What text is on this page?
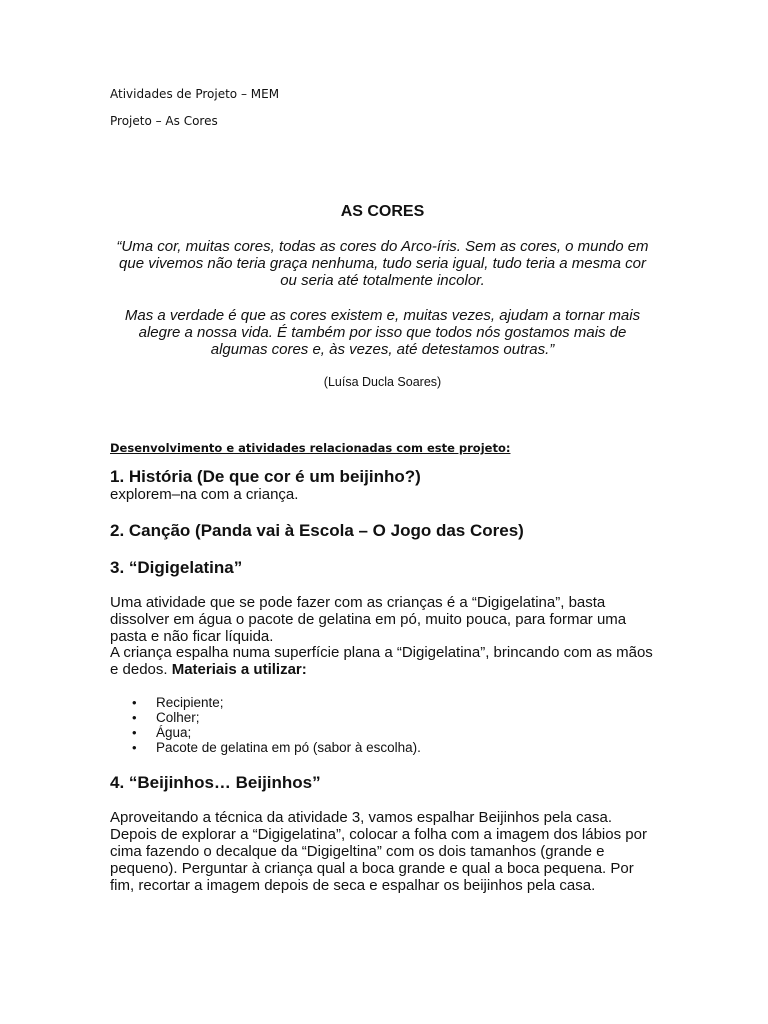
Atividades de Projeto – MEM
Projeto – As Cores
AS CORES
“Uma cor, muitas cores, todas as cores do Arco-íris. Sem as cores, o mundo em que vivemos não teria graça nenhuma, tudo seria igual, tudo teria a mesma cor ou seria até totalmente incolor.
Mas a verdade é que as cores existem e, muitas vezes, ajudam a tornar mais alegre a nossa vida. É também por isso que todos nós gostamos mais de algumas cores e, às vezes, até detestamos outras.”
(Luísa Ducla Soares)
Desenvolvimento e atividades relacionadas com este projeto:
1. História (De que cor é um beijinho?)
explorem–na com a criança.
2. Canção (Panda vai à Escola – O Jogo das Cores)
3. “Digigelatina”
Uma atividade que se pode fazer com as crianças é a “Digigelatina”, basta dissolver em água o pacote de gelatina em pó, muito pouca, para formar uma pasta e não ficar líquida.
A criança espalha numa superfície plana a “Digigelatina”, brincando com as mãos e dedos. Materiais a utilizar:
• Recipiente;
• Colher;
• Água;
• Pacote de gelatina em pó (sabor à escolha).
4. “Beijinhos… Beijinhos”
Aproveitando a técnica da atividade 3, vamos espalhar Beijinhos pela casa. Depois de explorar a “Digigelatina”, colocar a folha com a imagem dos lábios por cima fazendo o decalque da “Digigeltina” com os dois tamanhos (grande e pequeno). Perguntar à criança qual a boca grande e qual a boca pequena. Por fim, recortar a imagem depois de seca e espalhar os beijinhos pela casa.
